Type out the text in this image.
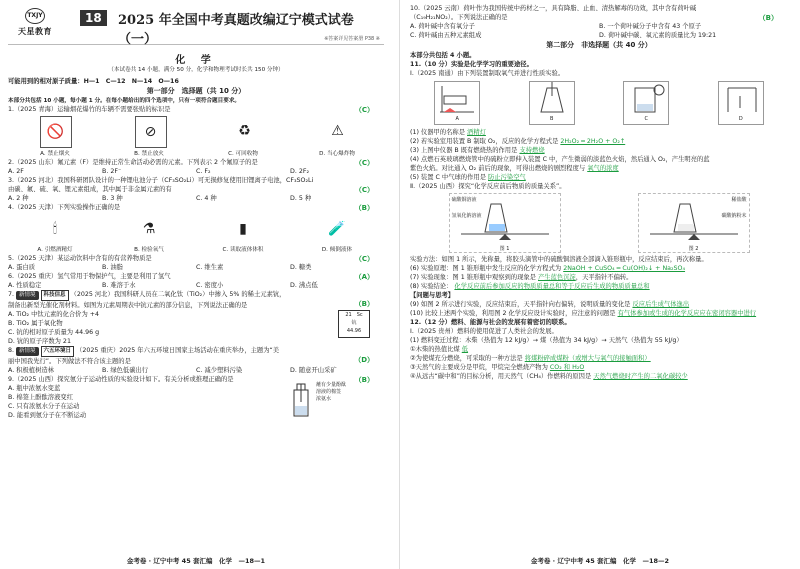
TXJY
天星教育
18	2025 年全国中考真题改编辽宁模式试卷（一）	※答案详见答案册 P38 ※
化 学
（本试卷共 14 小题，满分 50 分，化学和物理考试时长共 150 分钟）
可能用到的相对原子质量：H—1　C—12　N—14　O—16
第一部分　选择题（共 10 分）
本部分共包括 10 小题，每小题 1 分。在每小题给出的四个选项中，只有一项符合题目要求。
1.（2025 青海）运输烟花爆竹的车辆不需要张贴的标识是	（C）
🚫	⊘	♻	⚠
A. 禁止烟火	B. 禁止放火	C. 可回收物	D. 当心爆炸物
2.（2025 山东）氟元素（F）是维持正常生命活动必需的元素。下列表示 2 个氟原子的是	（C）
A. 2F	B. 2F⁻	C. F₂	D. 2F₂
3.（2025 河北）我国科研团队设计的一种锂电池分子（CF₃SO₂Li）可无损修复使用旧锂离子电池，CF₃SO₂Li
由碳、氟、硫、氧、锂元素组成，其中属于非金属元素的有	（C）
A. 2 种	B. 3 种	C. 4 种	D. 5 种
4.（2025 天津）下列实验操作正确的是	（B）
🕯	⚗	▮	🧪
A. 引燃酒精灯	B. 检验氧气	C. 读取液体体积	D. 倾倒液体
5.（2025 天津）某运动饮料中含有的有营养物质是	（C）
A. 蛋白质	B. 油脂	C. 维生素	D. 糖类
6.（2025 重庆）氢气常用于物保护气，主要是利用了氢气	（A）
A. 性质稳定	B. 难溶于水	C. 密度小	D. 沸点低
7. 新情境 科技信息 （2025 河北）我国科研人员在二氧化钛（TiO₂）中掺入 5% 的稀土元素钪，
制备出新型光催化剂材料。如图为元素周期表中钪元素的部分信息，下列说法正确的是	（B）
A. TiO₂ 中钛元素的化合价为 +4
B. TiO₂ 属于氧化物
C. 钪的相对原子质量为 44.96 g
D. 钪的原子序数为 21
21　 Sc
钪
44.96
8. 新情境 六五环境日 （2025 重庆）2025 年六五环境日国家主场活动在重庆举办，主题为“美
丽中国我先行”。下列做法不符合该主题的是	（D）
A. 积极植树造林	B. 绿色低碳出行	C. 减少塑料污染	D. 随意开山采矿
9.（2025 山西）探究氨分子运动性质的实验设计如下。有关分析或推理正确的是	（B）
A. 瓶中浓氨水变蓝
B. 棉签上酚酞溶液变红
C. 只有浓氨水分子在运动
D. 能看到氨分子在不断运动
蘸有少量酚酞
溶液的棉签
浓氨水
金考卷 · 辽宁中考 45 套汇编　化学　—18—1
10.（2025 云南）荷叶作为我国传统中药材之一，具有降脂、止血、清热解毒的功效，其中含有荷叶碱
（C₁₉H₂₁NO₂）。下列说法正确的是	（B）
A. 荷叶碱中含有氧分子	B. 一个荷叶碱分子中含有 43 个原子
C. 荷叶碱由五种元素组成	D. 荷叶碱中碳、氧元素的质量比为 19:21
第二部分　非选择题（共 40 分）
本部分共包括 4 小题。
11.（10 分）实验是化学学习的重要途径。
Ⅰ.（2025 南通）由下列装置制取氧气并进行性质实验。
A	B	C	D
(1) 仪器甲的名称是 酒精灯
(2) 若实验室用装置 B 制取 O₂，反应的化学方程式是 2H₂O₂ ═ 2H₂O + O₂↑
(3) 上图中仪器 B 既有燃烧热的作用是 支持燃烧
(4) 点燃石英玻璃燃烧管中的硫粉立即伸入装置 C 中，产生微弱的淡蓝色火焰，然后通入 O₂，产生明亮的蓝
紫色火焰。对比通入 O₂ 前后的现象，可得出燃烧的剧烈程度与 氧气的浓度
(5) 装置 C 中气球的作用是 防止污染空气
Ⅱ.（2025 山西）探究“化学反应前后物质的质量关系”。
硫酸铜溶液
氢氧化钠溶液
图 1
稀盐酸
碳酸钠粉末
图 2
实验方法：如图 1 所示，先称量，将胶头滴管中的硫酸铜溶液全部滴入锥形瓶中，反应结束后，再次称量。
(6) 实验原理：图 1 锥形瓶中发生反应的化学方程式为 2NaOH + CuSO₄ ═ Cu(OH)₂↓ + Na₂SO₄
(7) 实验现象：图 1 锥形瓶中观察到的现象是 产生蓝色沉淀，天平指针不偏转。
(8) 实验结论： 化学反应前后参加反应的物质质量总和等于反应后生成的物质质量总和
【问题与思考】
(9) 如图 2 所示进行实验，反应结束后，天平指针向右偏转，说明质量的变化是 反应后生成气体逸出
(10) 比较上述两个实验，利用图 2 化学反应设计实验时，应注意的问题是 有气体参加或生成的化学反应应在密闭容器中进行
12.（12 分）燃料、能源与社会的发展有着密切的联系。
Ⅰ.（2025 贵州）燃料的使用促进了人类社会的发展。
(1) 燃料变迁过程：木柴（热值为 12 kJ/g）→ 煤（热值为 34 kJ/g）→ 天然气（热值为 55 kJ/g）
①木柴的热值比煤 低
②为使煤充分燃烧，可采取的一种方法是 将煤粉碎成煤粉（或增大与氧气的接触面积）
③天然气的主要成分是甲烷，甲烷完全燃烧产物为 CO₂ 和 H₂O
④从远古“碳中和”的目标分析，用天然气（CH₄）作燃料的原因是 天然气燃烧时产生的二氧化碳较少
金考卷 · 辽宁中考 45 套汇编　化学　—18—2
